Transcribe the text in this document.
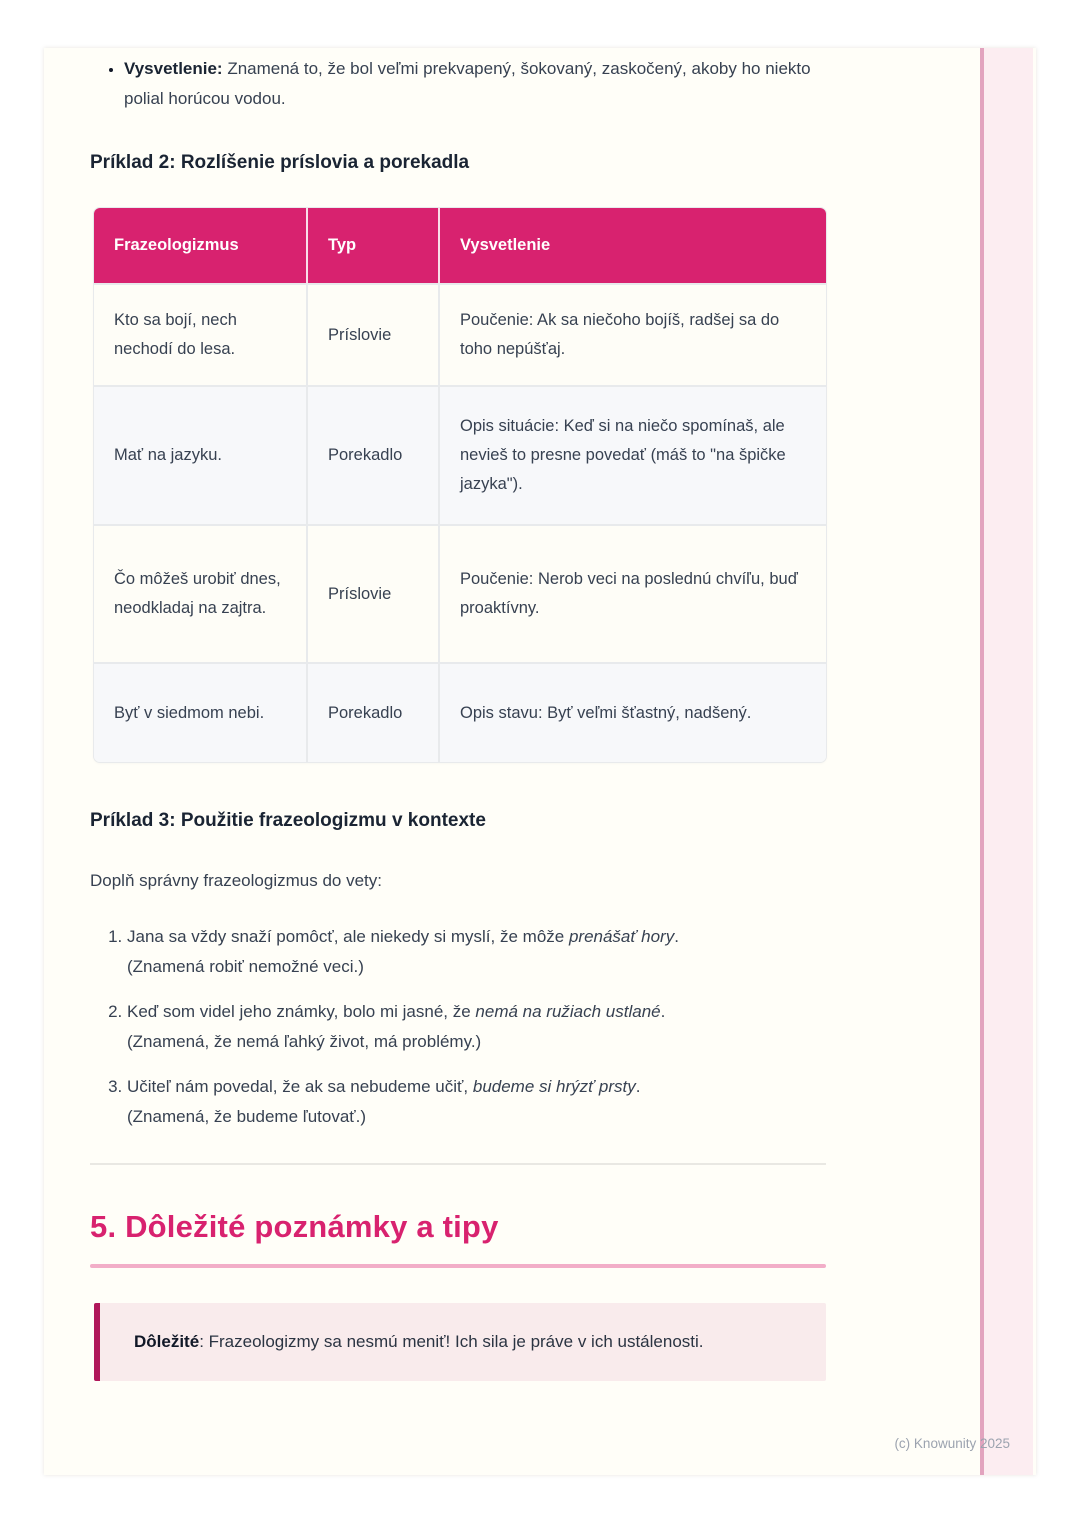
• Vysvetlenie: Znamená to, že bol veľmi prekvapený, šokovaný, zaskočený, akoby ho niekto polial horúcou vodou.
Príklad 2: Rozlíšenie príslovia a porekadla
Frazeologizmus	Typ	Vysvetlenie
Kto sa bojí, nech nechodí do lesa.	Príslovie	Poučenie: Ak sa niečoho bojíš, radšej sa do toho nepúšťaj.
Mať na jazyku.	Porekadlo	Opis situácie: Keď si na niečo spomínaš, ale nevieš to presne povedať (máš to "na špičke jazyka").
Čo môžeš urobiť dnes, neodkladaj na zajtra.	Príslovie	Poučenie: Nerob veci na poslednú chvíľu, buď proaktívny.
Byť v siedmom nebi.	Porekadlo	Opis stavu: Byť veľmi šťastný, nadšený.
Príklad 3: Použitie frazeologizmu v kontexte

Doplň správny frazeologizmus do vety:

1. Jana sa vždy snaží pomôcť, ale niekedy si myslí, že môže prenášať hory.
(Znamená robiť nemožné veci.)
2. Keď som videl jeho známky, bolo mi jasné, že nemá na ružiach ustlané.
(Znamená, že nemá ľahký život, má problémy.)
3. Učiteľ nám povedal, že ak sa nebudeme učiť, budeme si hrýzť prsty.
(Znamená, že budeme ľutovať.)
5. Dôležité poznámky a tipy
Dôležité: Frazeologizmy sa nesmú meniť! Ich sila je práve v ich ustálenosti.
(c) Knowunity 2025
